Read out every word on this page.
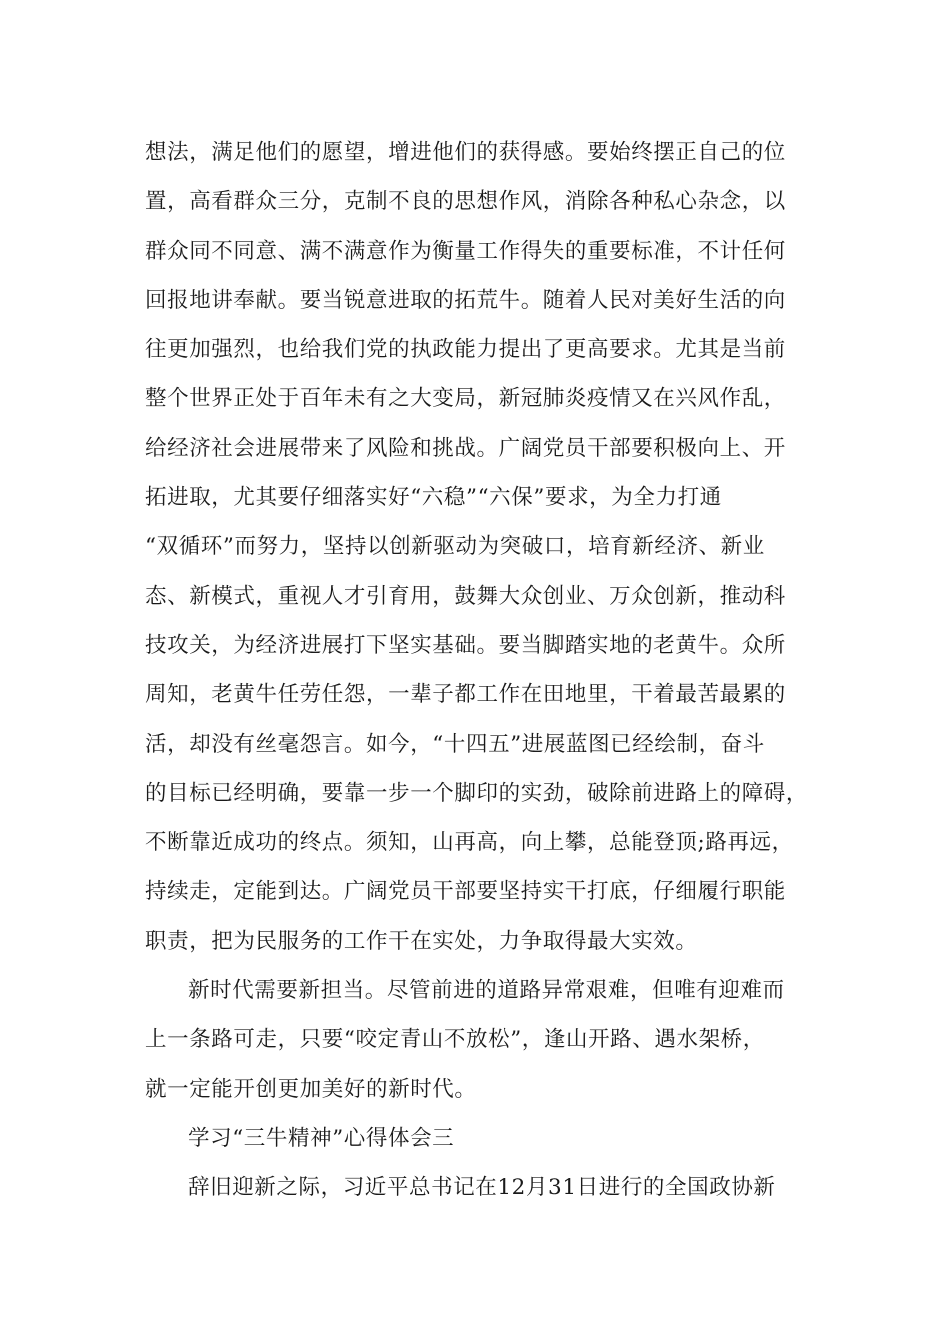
想法，满足他们的愿望，增进他们的获得感。要始终摆正自己的位
置，高看群众三分，克制不良的思想作风，消除各种私心杂念，以
群众同不同意、满不满意作为衡量工作得失的重要标准，不计任何
回报地讲奉献。要当锐意进取的拓荒牛。随着人民对美好生活的向
往更加强烈，也给我们党的执政能力提出了更高要求。尤其是当前
整个世界正处于百年未有之大变局，新冠肺炎疫情又在兴风作乱，
给经济社会进展带来了风险和挑战。广阔党员干部要积极向上、开
拓进取，尤其要仔细落实好“六稳”“六保”要求，为全力打通
“双循环”而努力，坚持以创新驱动为突破口，培育新经济、新业
态、新模式，重视人才引育用，鼓舞大众创业、万众创新，推动科
技攻关，为经济进展打下坚实基础。要当脚踏实地的老黄牛。众所
周知，老黄牛任劳任怨，一辈子都工作在田地里，干着最苦最累的
活，却没有丝毫怨言。如今，“十四五”进展蓝图已经绘制，奋斗
的目标已经明确，要靠一步一个脚印的实劲，破除前进路上的障碍，
不断靠近成功的终点。须知，山再高，向上攀，总能登顶;路再远，
持续走，定能到达。广阔党员干部要坚持实干打底，仔细履行职能
职责，把为民服务的工作干在实处，力争取得最大实效。
新时代需要新担当。尽管前进的道路异常艰难，但唯有迎难而
上一条路可走，只要“咬定青山不放松”，逢山开路、遇水架桥，
就一定能开创更加美好的新时代。
学习“三牛精神”心得体会三
辞旧迎新之际，习近平总书记在12月31日进行的全国政协新
